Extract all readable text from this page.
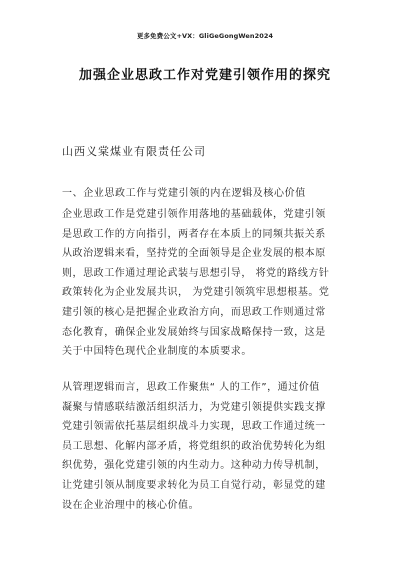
更多免费公文+VX：GliGeGongWen2024
加强企业思政工作对党建引领作用的探究
山西义棠煤业有限责任公司
一、企业思政工作与党建引领的内在逻辑及核心价值
企业思政工作是党建引领作用落地的基础载体，党建引领
是思政工作的方向指引，两者存在本质上的同频共振关系
从政治逻辑来看，坚持党的全面领导是企业发展的根本原
则，思政工作通过理论武装与思想引导， 将党的路线方针
政策转化为企业发展共识， 为党建引领筑牢思想根基。党
建引领的核心是把握企业政治方向，而思政工作则通过常
态化教育，确保企业发展始终与国家战略保持一致，这是
关于中国特色现代企业制度的本质要求。
从管理逻辑而言，思政工作聚焦“ 人的工作”，通过价值
凝聚与情感联结激活组织活力，为党建引领提供实践支撑
党建引领需依托基层组织战斗力实现，思政工作通过统一
员工思想、化解内部矛盾，将党组织的政治优势转化为组
织优势，强化党建引领的内生动力。这种动力传导机制，
让党建引领从制度要求转化为员工自觉行动，彰显党的建
设在企业治理中的核心价值。
